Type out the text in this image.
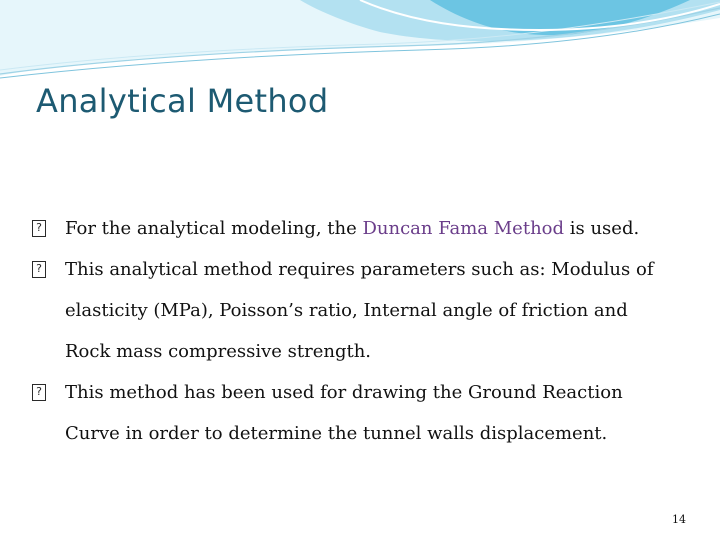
Analytical Method
? For the analytical modeling, the Duncan Fama Method is used.
? This analytical method requires parameters such as: Modulus of
elasticity (MPa), Poisson’s ratio, Internal angle of friction and
Rock mass compressive strength.
? This method has been used for drawing the Ground Reaction
Curve in order to determine the tunnel walls displacement.
14
